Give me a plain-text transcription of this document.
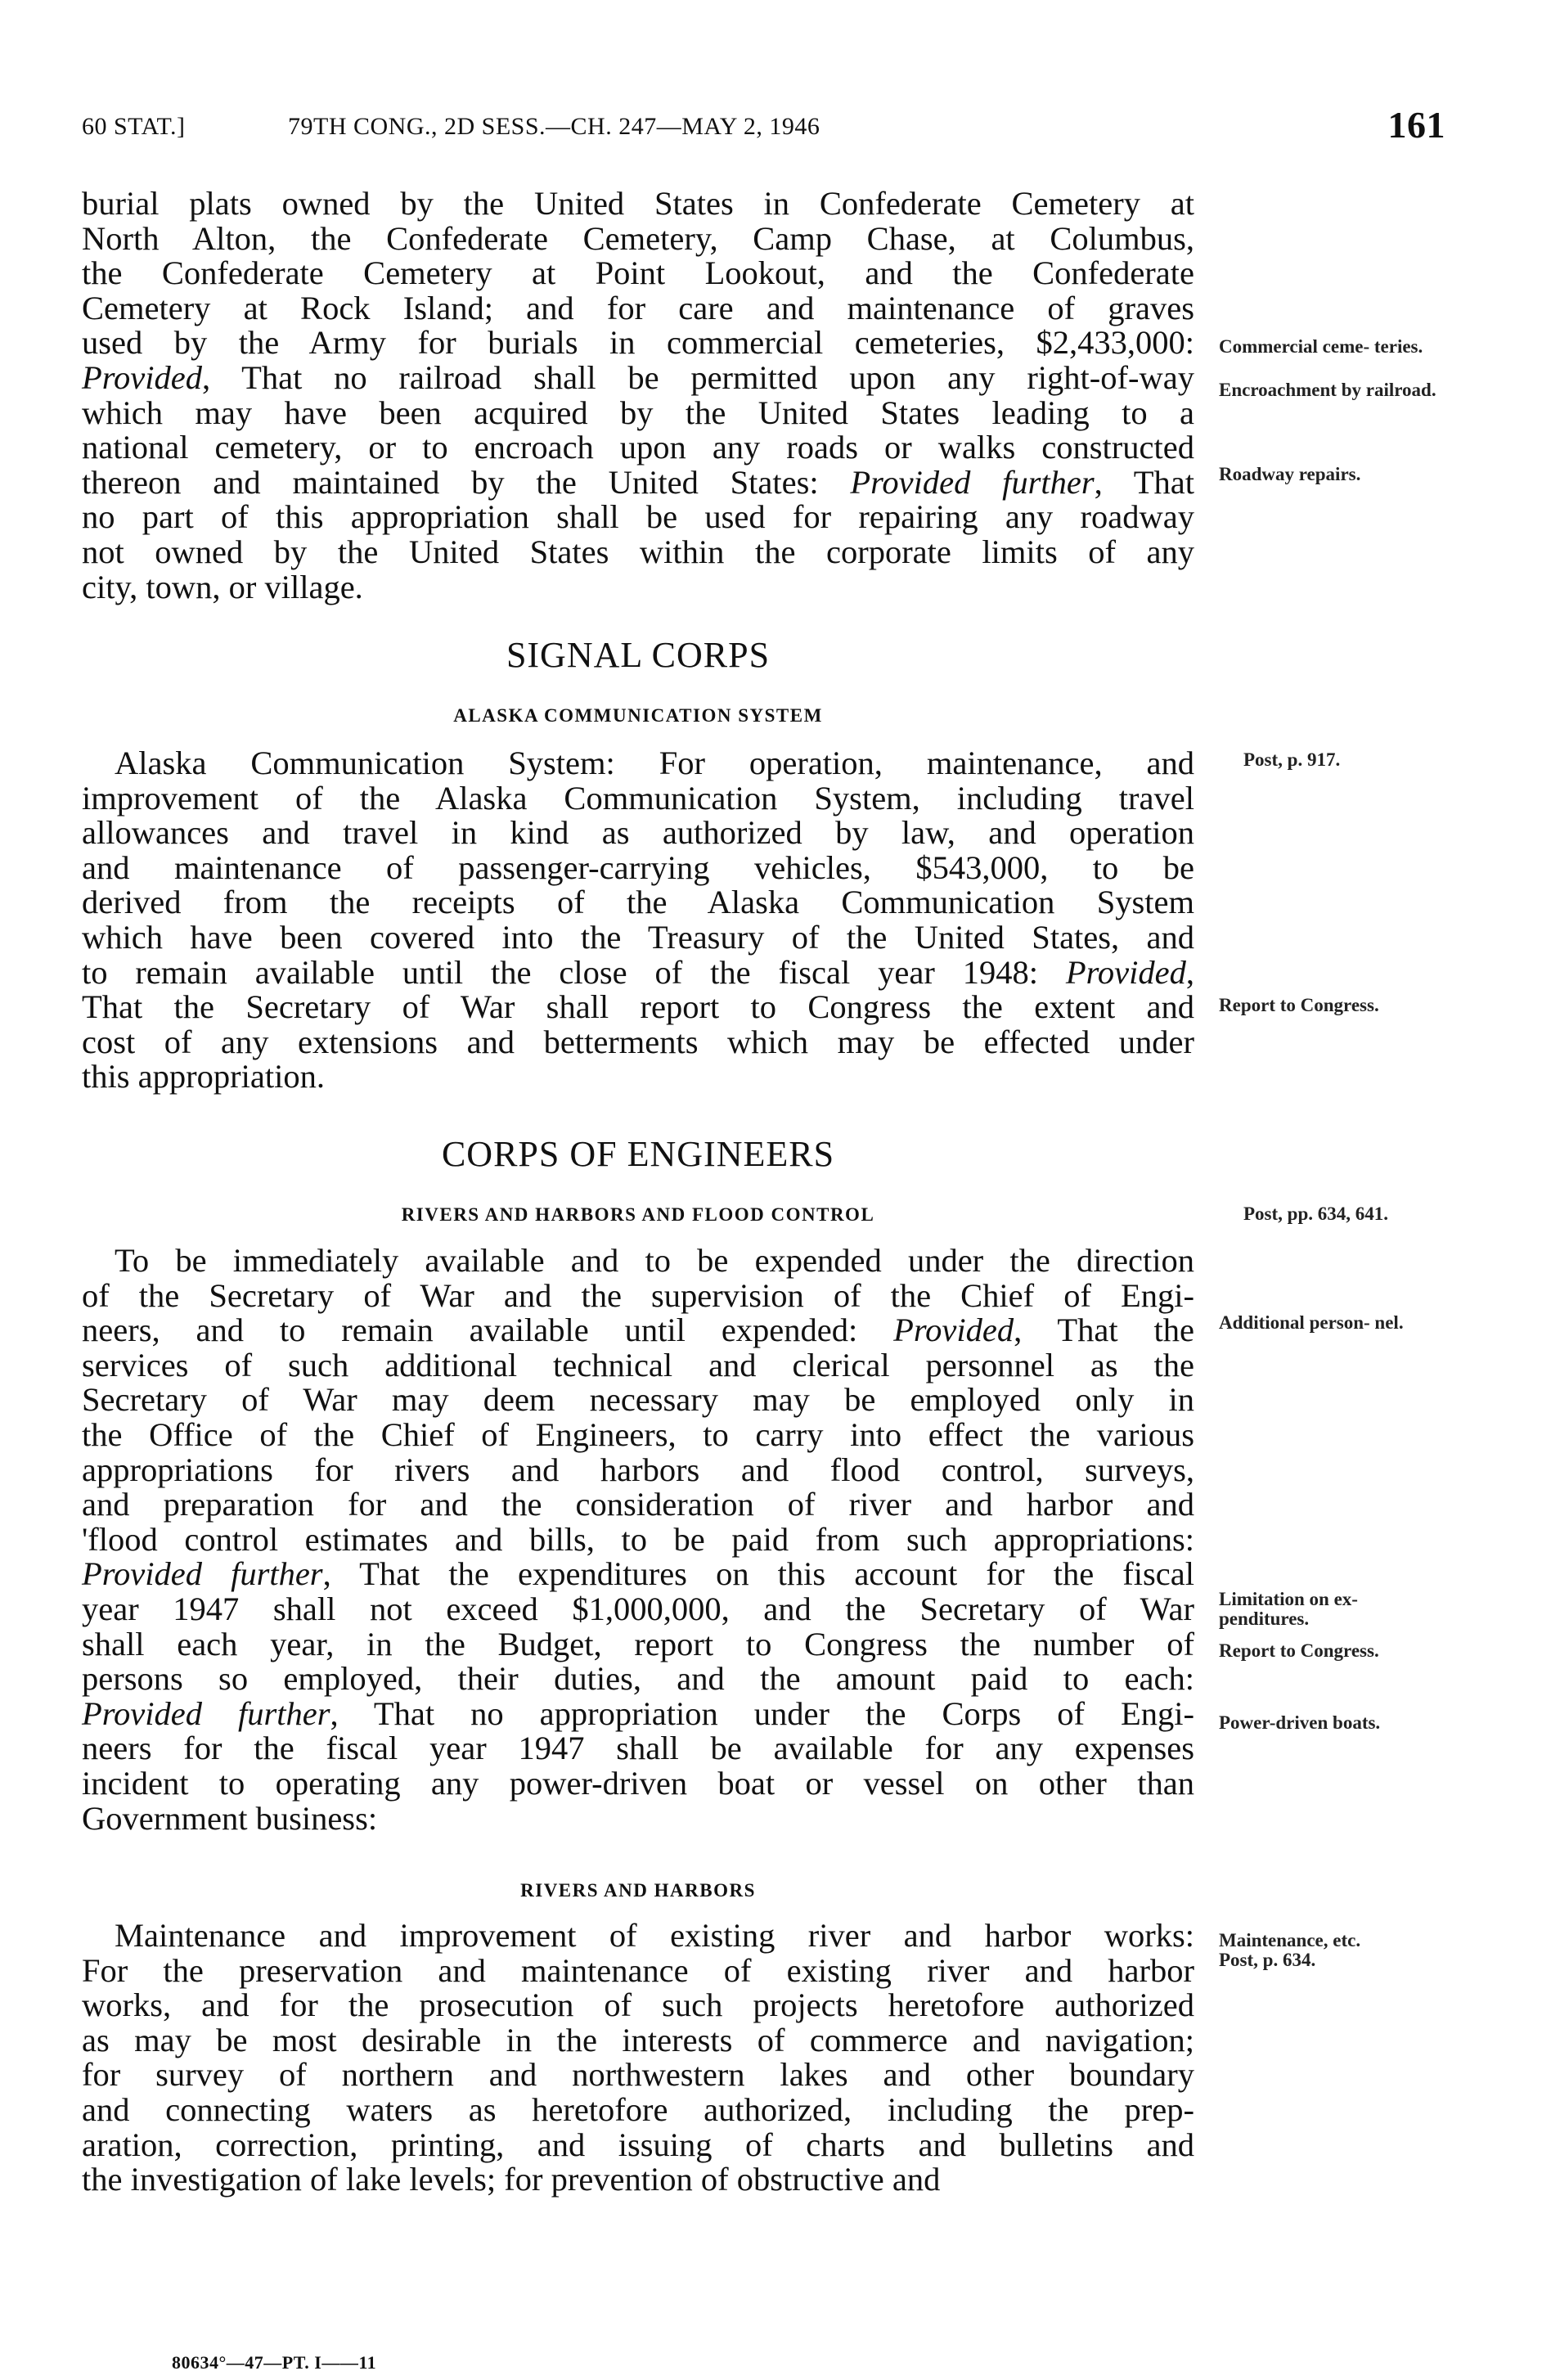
60 STAT.]	79TH CONG., 2D SESS.—CH. 247—MAY 2, 1946	161
burial plats owned by the United States in Confederate Cemetery at
North Alton, the Confederate Cemetery, Camp Chase, at Columbus,
the Confederate Cemetery at Point Lookout, and the Confederate
Cemetery at Rock Island; and for care and maintenance of graves
used by the Army for burials in commercial cemeteries, $2,433,000:
Provided, That no railroad shall be permitted upon any right-of-way
which may have been acquired by the United States leading to a
national cemetery, or to encroach upon any roads or walks constructed
thereon and maintained by the United States: Provided further, That
no part of this appropriation shall be used for repairing any roadway
not owned by the United States within the corporate limits of any
city, town, or village.
SIGNAL CORPS
ALASKA COMMUNICATION SYSTEM
Alaska Communication System: For operation, maintenance, and
improvement of the Alaska Communication System, including travel
allowances and travel in kind as authorized by law, and operation
and maintenance of passenger-carrying vehicles, $543,000, to be
derived from the receipts of the Alaska Communication System
which have been covered into the Treasury of the United States, and
to remain available until the close of the fiscal year 1948: Provided,
That the Secretary of War shall report to Congress the extent and
cost of any extensions and betterments which may be effected under
this appropriation.
CORPS OF ENGINEERS
RIVERS AND HARBORS AND FLOOD CONTROL
To be immediately available and to be expended under the direction
of the Secretary of War and the supervision of the Chief of Engi-
neers, and to remain available until expended: Provided, That the
services of such additional technical and clerical personnel as the
Secretary of War may deem necessary may be employed only in
the Office of the Chief of Engineers, to carry into effect the various
appropriations for rivers and harbors and flood control, surveys,
and preparation for and the consideration of river and harbor and
'flood control estimates and bills, to be paid from such appropriations:
Provided further, That the expenditures on this account for the fiscal
year 1947 shall not exceed $1,000,000, and the Secretary of War
shall each year, in the Budget, report to Congress the number of
persons so employed, their duties, and the amount paid to each:
Provided further, That no appropriation under the Corps of Engi-
neers for the fiscal year 1947 shall be available for any expenses
incident to operating any power-driven boat or vessel on other than
Government business:
RIVERS AND HARBORS
Maintenance and improvement of existing river and harbor works:
For the preservation and maintenance of existing river and harbor
works, and for the prosecution of such projects heretofore authorized
as may be most desirable in the interests of commerce and navigation;
for survey of northern and northwestern lakes and other boundary
and connecting waters as heretofore authorized, including the prep-
aration, correction, printing, and issuing of charts and bulletins and
the investigation of lake levels; for prevention of obstructive and
Commercial ceme- teries.
Encroachment by railroad.
Roadway repairs.
Post, p. 917.
Report to Congress.
Post, pp. 634, 641.
Additional person- nel.
Limitation on ex- penditures.
Report to Congress.
Power-driven boats.
Maintenance, etc.
Post, p. 634.
80634°—47—PT. I——11
